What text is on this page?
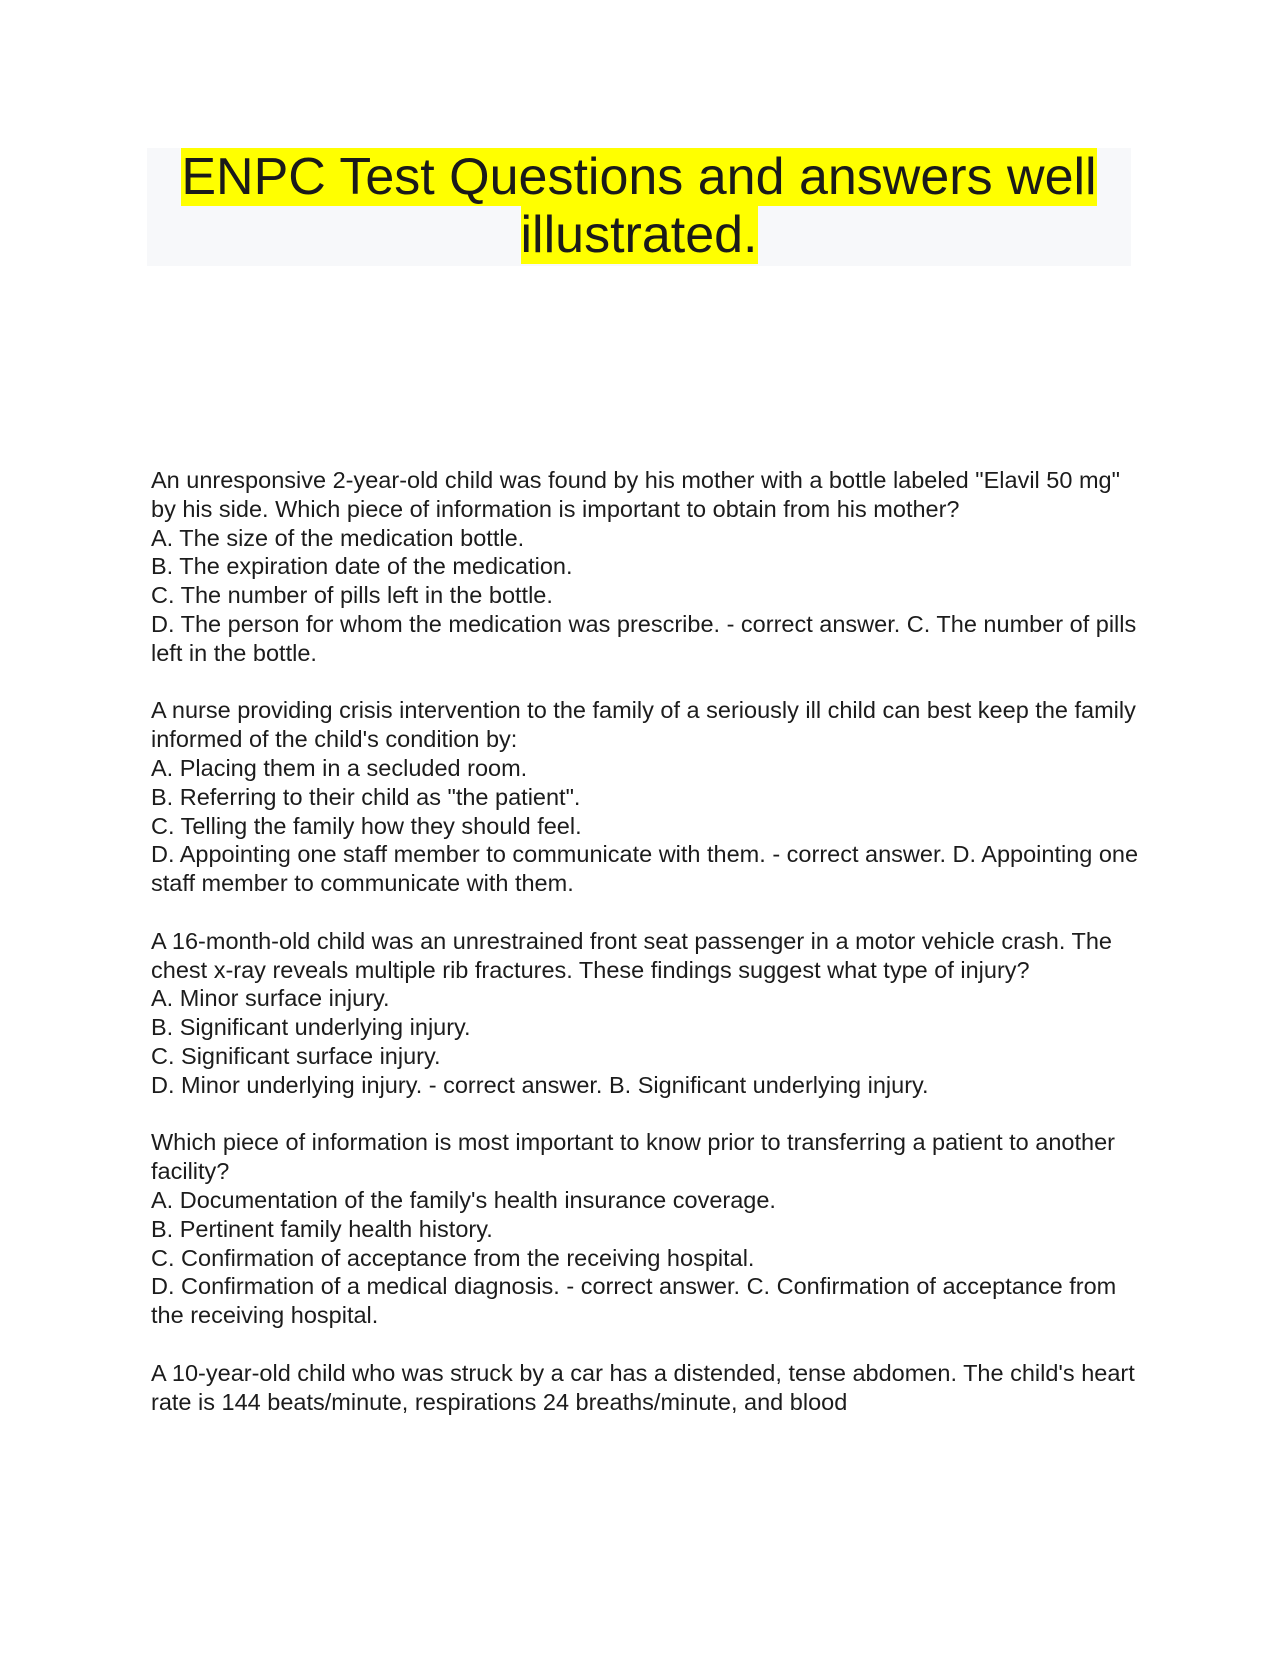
ENPC Test Questions and answers well illustrated.
An unresponsive 2-year-old child was found by his mother with a bottle labeled "Elavil 50 mg" by his side. Which piece of information is important to obtain from his mother?
A. The size of the medication bottle.
B. The expiration date of the medication.
C. The number of pills left in the bottle.
D. The person for whom the medication was prescribe. - correct answer. C. The number of pills left in the bottle.
A nurse providing crisis intervention to the family of a seriously ill child can best keep the family informed of the child's condition by:
A. Placing them in a secluded room.
B. Referring to their child as "the patient".
C. Telling the family how they should feel.
D. Appointing one staff member to communicate with them. - correct answer. D. Appointing one staff member to communicate with them.
A 16-month-old child was an unrestrained front seat passenger in a motor vehicle crash. The chest x-ray reveals multiple rib fractures. These findings suggest what type of injury?
A. Minor surface injury.
B. Significant underlying injury.
C. Significant surface injury.
D. Minor underlying injury. - correct answer. B. Significant underlying injury.
Which piece of information is most important to know prior to transferring a patient to another facility?
A. Documentation of the family's health insurance coverage.
B. Pertinent family health history.
C. Confirmation of acceptance from the receiving hospital.
D. Confirmation of a medical diagnosis. - correct answer. C. Confirmation of acceptance from the receiving hospital.
A 10-year-old child who was struck by a car has a distended, tense abdomen. The child's heart rate is 144 beats/minute, respirations 24 breaths/minute, and blood
